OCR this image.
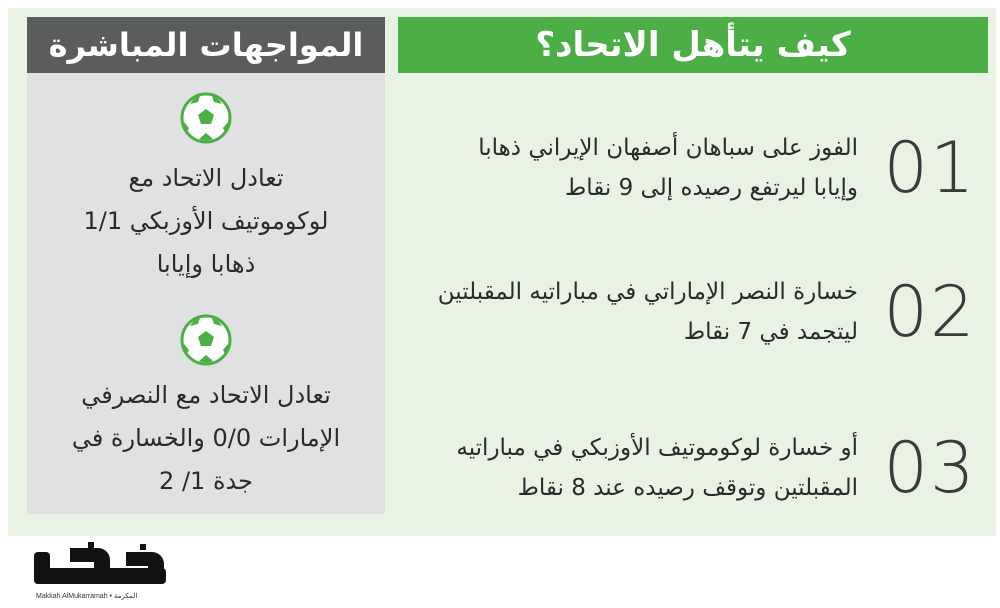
كيف يتأهل الاتحاد؟
01
الفوز على سباهان أصفهان الإيراني ذهابا
وإيابا ليرتفع رصيده إلى 9 نقاط
02
خسارة النصر الإماراتي في مباراتيه المقبلتين
ليتجمد في 7 نقاط
03
أو خسارة لوكوموتيف الأوزبكي في مباراتيه
المقبلتين وتوقف رصيده عند 8 نقاط
المواجهات المباشرة
تعادل الاتحاد مع
لوكوموتيف الأوزبكي 1/1
ذهابا وإيابا
تعادل الاتحاد مع النصرفي
الإمارات 0/0 والخسارة في
جدة 1/ 2
Makkah AlMukarramah • المكرمة
